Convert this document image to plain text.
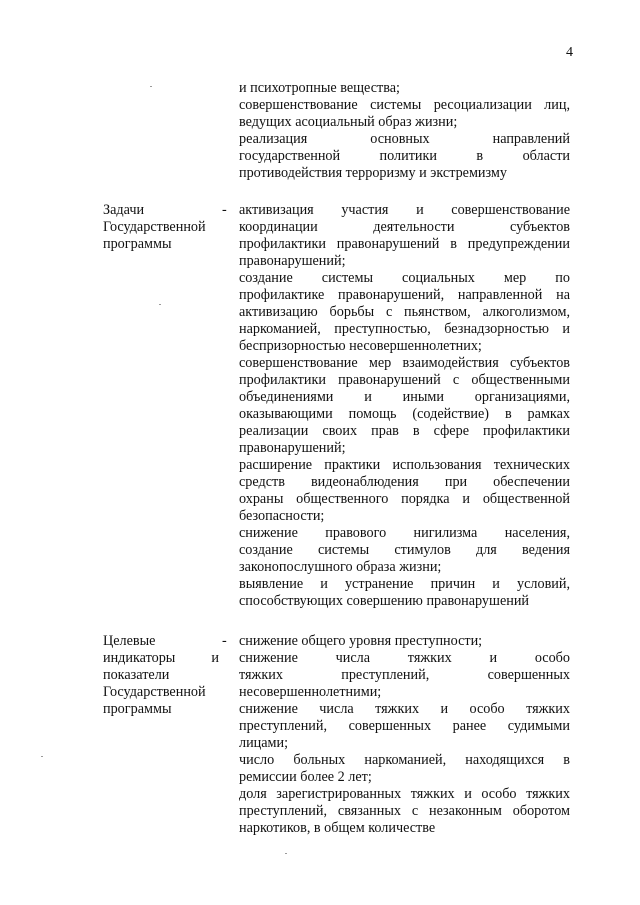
4
и психотропные вещества;
совершенствование системы ресоциализации лиц,
ведущих асоциальный образ жизни;
реализация основных направлений
государственной политики в области
противодействия терроризму и экстремизму
Задачи
Государственной
программы
- активизация участия и совершенствование
координации деятельности субъектов
профилактики правонарушений в предупреждении
правонарушений;
создание системы социальных мер по
профилактике правонарушений, направленной на
активизацию борьбы с пьянством, алкоголизмом,
наркоманией, преступностью, безнадзорностью и
беспризорностью несовершеннолетних;
совершенствование мер взаимодействия субъектов
профилактики правонарушений с общественными
объединениями и иными организациями,
оказывающими помощь (содействие) в рамках
реализации своих прав в сфере профилактики
правонарушений;
расширение практики использования технических
средств видеонаблюдения при обеспечении
охраны общественного порядка и общественной
безопасности;
снижение правового нигилизма населения,
создание системы стимулов для ведения
законопослушного образа жизни;
выявление и устранение причин и условий,
способствующих совершению правонарушений
Целевые
индикаторы и
показатели
Государственной
программы
- снижение общего уровня преступности;
снижение числа тяжких и особо
тяжких преступлений, совершенных
несовершеннолетними;
снижение числа тяжких и особо тяжких
преступлений, совершенных ранее судимыми
лицами;
число больных наркоманией, находящихся в
ремиссии более 2 лет;
доля зарегистрированных тяжких и особо тяжких
преступлений, связанных с незаконным оборотом
наркотиков, в общем количестве
